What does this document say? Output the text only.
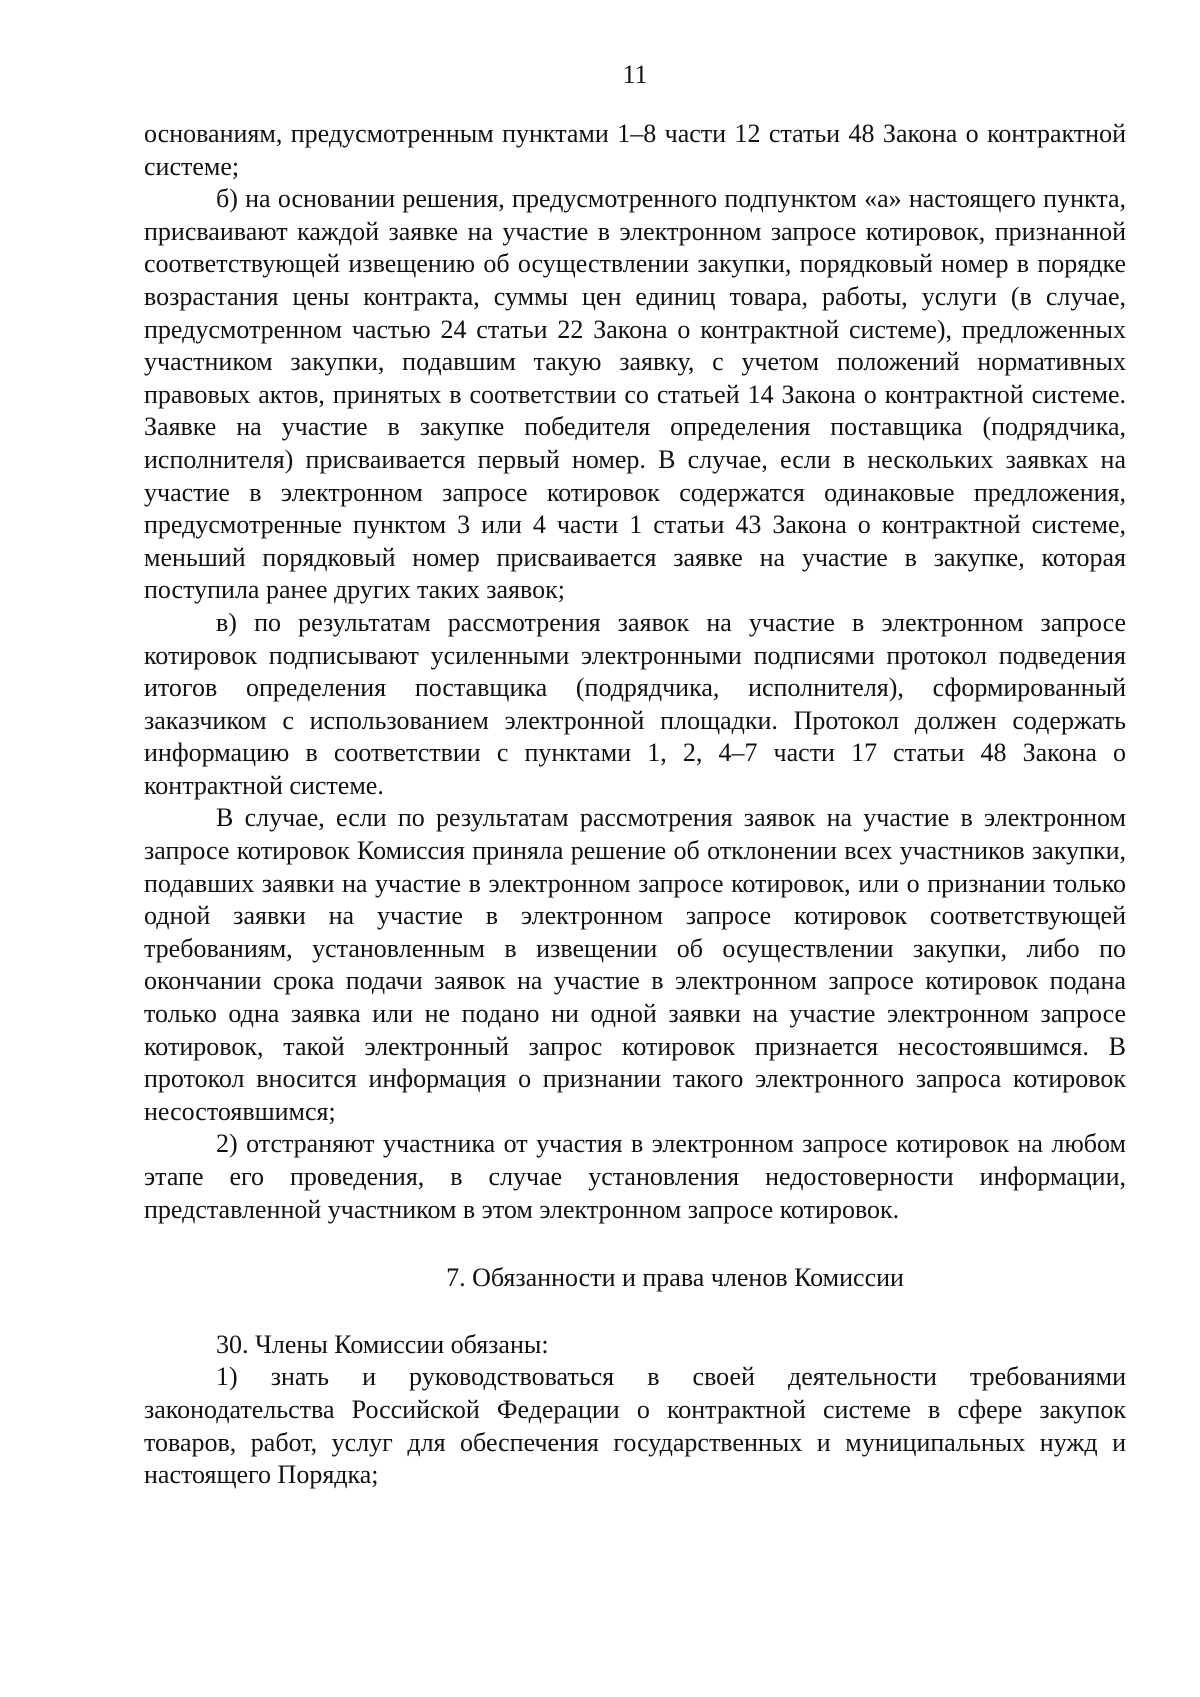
11

основаниям, предусмотренным пунктами 1–8 части 12 статьи 48 Закона о контрактной системе;

б) на основании решения, предусмотренного подпунктом «а» настоящего пункта, присваивают каждой заявке на участие в электронном запросе котировок, признанной соответствующей извещению об осуществлении закупки, порядковый номер в порядке возрастания цены контракта, суммы цен единиц товара, работы, услуги (в случае, предусмотренном частью 24 статьи 22 Закона о контрактной системе), предложенных участником закупки, подавшим такую заявку, с учетом положений нормативных правовых актов, принятых в соответствии со статьей 14 Закона о контрактной системе. Заявке на участие в закупке победителя определения поставщика (подрядчика, исполнителя) присваивается первый номер. В случае, если в нескольких заявках на участие в электронном запросе котировок содержатся одинаковые предложения, предусмотренные пунктом 3 или 4 части 1 статьи 43 Закона о контрактной системе, меньший порядковый номер присваивается заявке на участие в закупке, которая поступила ранее других таких заявок;

в) по результатам рассмотрения заявок на участие в электронном запросе котировок подписывают усиленными электронными подписями протокол подведения итогов определения поставщика (подрядчика, исполнителя), сформированный заказчиком с использованием электронной площадки. Протокол должен содержать информацию в соответствии с пунктами 1, 2, 4–7 части 17 статьи 48 Закона о контрактной системе.

В случае, если по результатам рассмотрения заявок на участие в электронном запросе котировок Комиссия приняла решение об отклонении всех участников закупки, подавших заявки на участие в электронном запросе котировок, или о признании только одной заявки на участие в электронном запросе котировок соответствующей требованиям, установленным в извещении об осуществлении закупки, либо по окончании срока подачи заявок на участие в электронном запросе котировок подана только одна заявка или не подано ни одной заявки на участие электронном запросе котировок, такой электронный запрос котировок признается несостоявшимся. В протокол вносится информация о признании такого электронного запроса котировок несостоявшимся;

2) отстраняют участника от участия в электронном запросе котировок на любом этапе его проведения, в случае установления недостоверности информации, представленной участником в этом электронном запросе котировок.

7. Обязанности и права членов Комиссии

30. Члены Комиссии обязаны:

1) знать и руководствоваться в своей деятельности требованиями законодательства Российской Федерации о контрактной системе в сфере закупок товаров, работ, услуг для обеспечения государственных и муниципальных нужд и настоящего Порядка;
